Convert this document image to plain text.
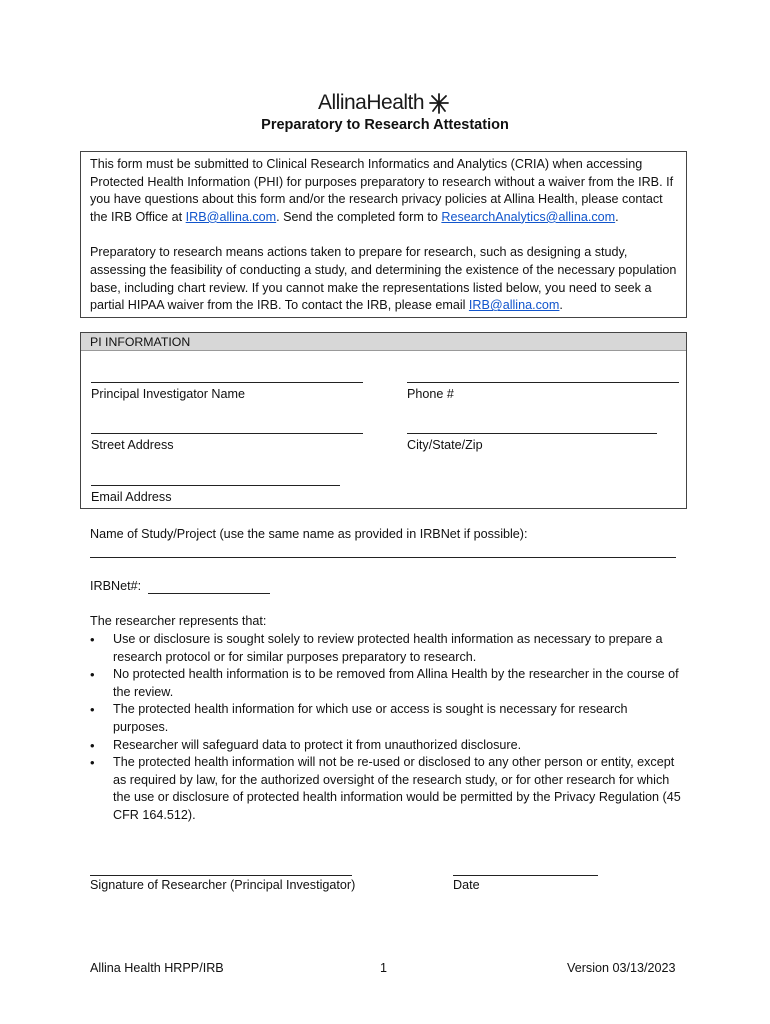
AllinaHealth
Preparatory to Research Attestation

This form must be submitted to Clinical Research Informatics and Analytics (CRIA) when accessing Protected Health Information (PHI) for purposes preparatory to research without a waiver from the IRB. If you have questions about this form and/or the research privacy policies at Allina Health, please contact the IRB Office at IRB@allina.com. Send the completed form to ResearchAnalytics@allina.com.

Preparatory to research means actions taken to prepare for research, such as designing a study, assessing the feasibility of conducting a study, and determining the existence of the necessary population base, including chart review. If you cannot make the representations listed below, you need to seek a partial HIPAA waiver from the IRB. To contact the IRB, please email IRB@allina.com.

PI INFORMATION
Principal Investigator Name	Phone #
Street Address	City/State/Zip
Email Address
Name of Study/Project (use the same name as provided in IRBNet if possible):
IRBNet#:
The researcher represents that:
• Use or disclosure is sought solely to review protected health information as necessary to prepare a research protocol or for similar purposes preparatory to research.
• No protected health information is to be removed from Allina Health by the researcher in the course of the review.
• The protected health information for which use or access is sought is necessary for research purposes.
• Researcher will safeguard data to protect it from unauthorized disclosure.
• The protected health information will not be re-used or disclosed to any other person or entity, except as required by law, for the authorized oversight of the research study, or for other research for which the use or disclosure of protected health information would be permitted by the Privacy Regulation (45 CFR 164.512).
Signature of Researcher (Principal Investigator)	Date
Allina Health HRPP/IRB	1	Version 03/13/2023
